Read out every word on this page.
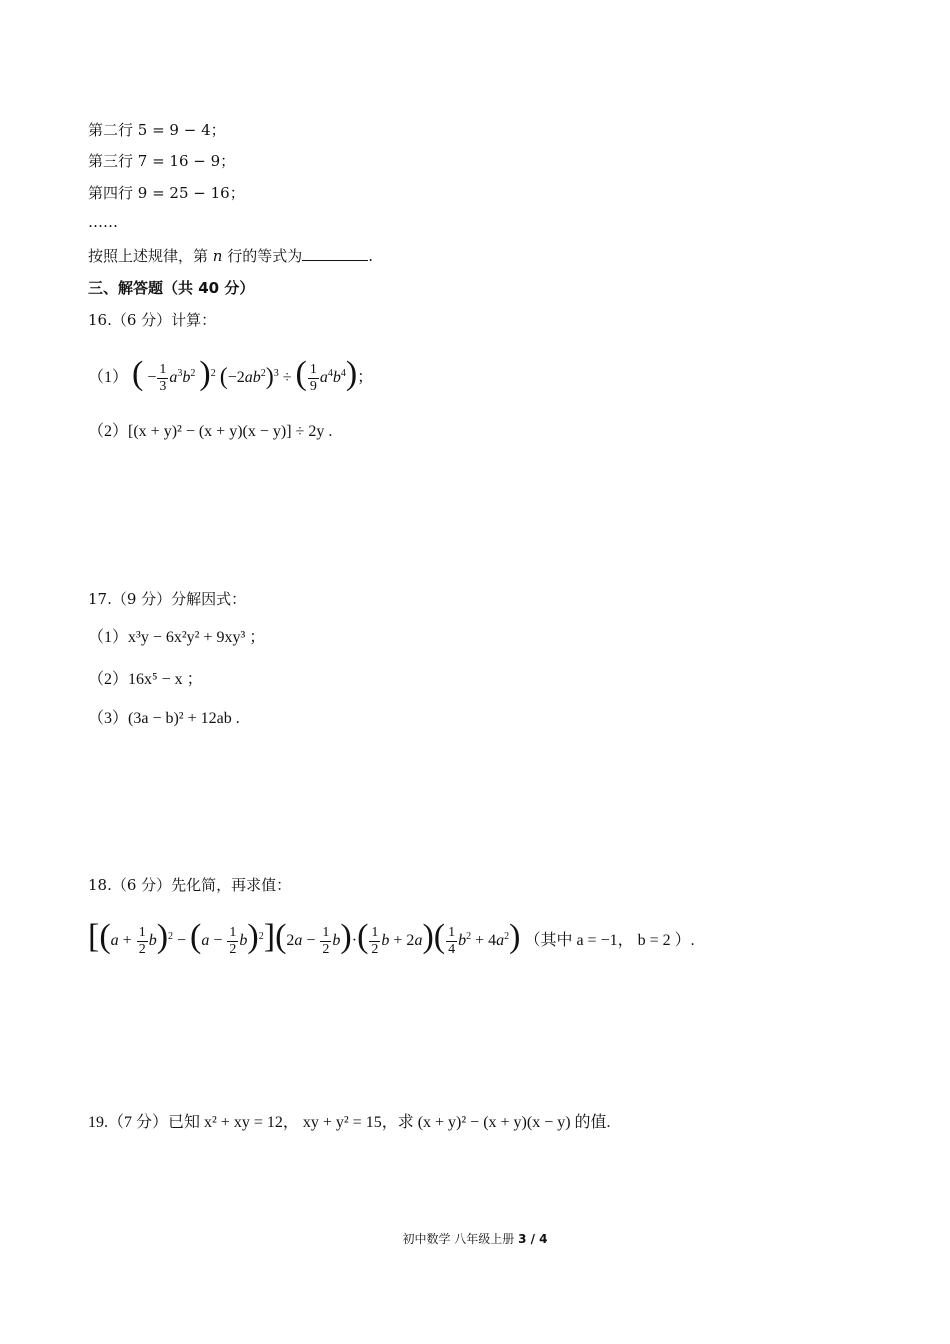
第二行 5 = 9 − 4；
第三行 7 = 16 − 9；
第四行 9 = 25 − 16；
……
按照上述规律，第 n 行的等式为	.
三、解答题（共 40 分）
16.（6 分）计算：
（1） ( − $\frac{1}{3} a^3b^2$ )$^2$ $(-2ab^2)^3$ ÷ ( $\frac{1}{9} a^4b^4$)；
（2）[(x + y)² − (x + y)(x − y)] ÷ 2y .
17.（9 分）分解因式：
（1）x³y − 6x²y² + 9xy³ ；
（2）16x⁵ − x ；
（3）(3a − b)² + 12ab .
18.（6 分）先化简，再求值：
$[(a + \frac{1}{2} b)^2 - (a - \frac{1}{2} b)^2](2a - \frac{1}{2} b)\cdot( \frac{1}{2}$ $b + 2a)( \frac{1}{4} b^2 + 4a^2)$ （其中 a = −1， b = 2 ）.
19.（7 分）已知 x² + xy = 12， xy + y² = 15，求 (x + y)² − (x + y)(x − y) 的值.
初中数学 八年级上册 3 / 4
